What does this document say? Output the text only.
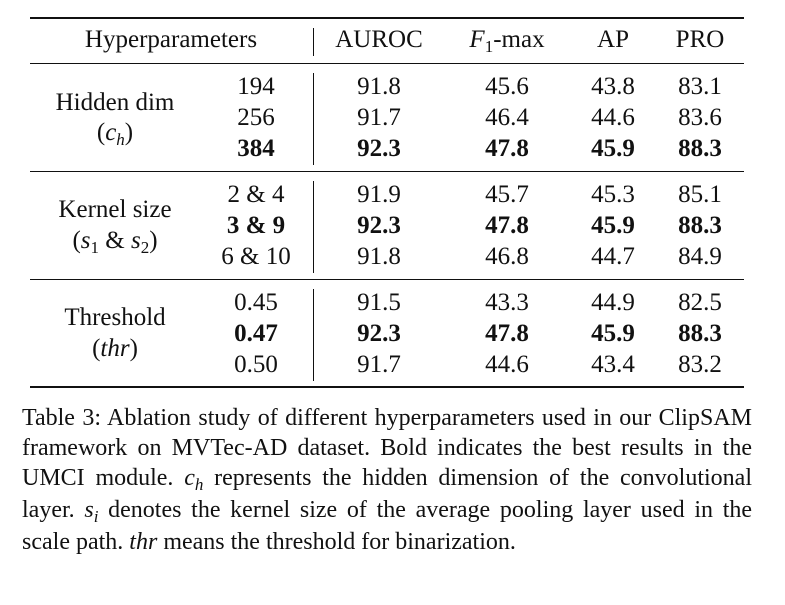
Hyperparameters	AUROC $F_1-\max$ AP PRO
Hidden dim
$(c_h)$
194	91.8	45.6 43.8 83.1
256	91.7	46.4 44.6 83.6
384	92.3	47.8 45.9 88.3
Kernel size
($s_1$ & $s_2$)
2 & 4	91.9	45.7 45.3 85.1
3 & 9	92.3	47.8 45.9 88.3
6 & 10	91.8	46.8 44.7 84.9
Threshold
(thr)
0.45	91.5	43.3 44.9 82.5
0.47	92.3	47.8 45.9 88.3
0.50	91.7	44.6 43.4 83.2
Table 3: Ablation study of different hyperparameters used in our ClipSAM framework on MVTec-AD dataset. Bold indicates the best results in the UMCI module. $c_h$ represents the hidden dimension of the convolutional layer. $s_i$ denotes the kernel size of the average pooling layer used in the scale path. thr means the threshold for binarization.
